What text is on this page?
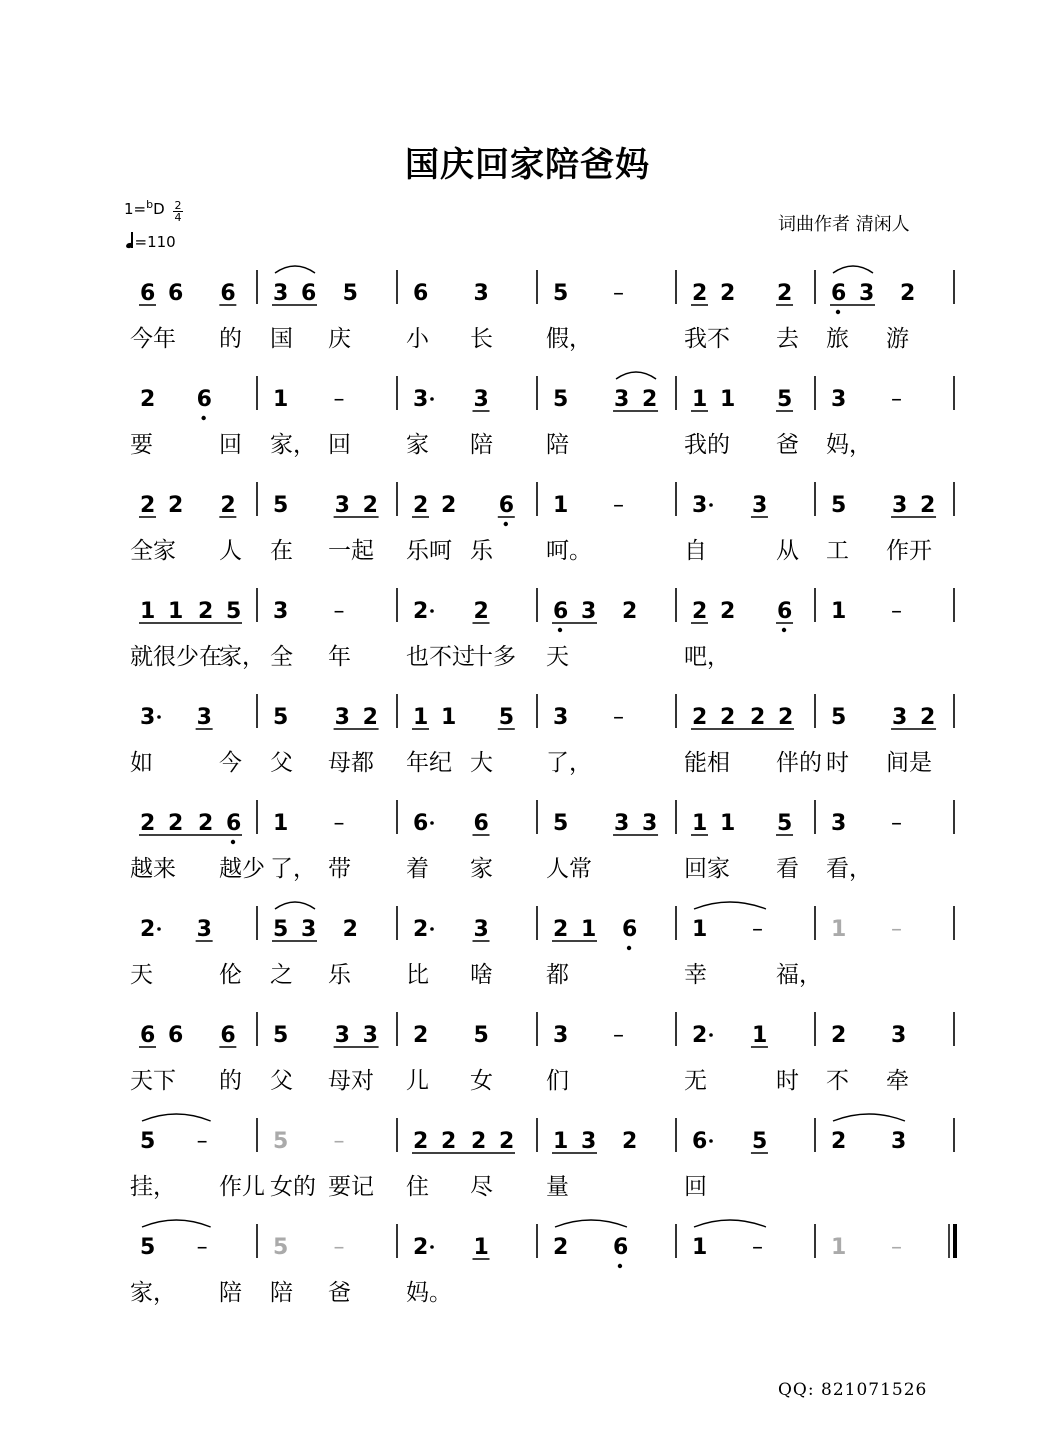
国庆回家陪爸妈
1=$^b$D 2
4
=110
词曲作者 清闲人
6 6 6 3 6 5	6 3	5 –	2 2 2 6 3 2
今年 的 国 庆 小 长 假，	我不 去 旅 游
2 6	1 –	3 3	5 3 2 1 1 5 3 –
要	回 家， 回 家 陪 陪	我的 爸 妈，
2 2 2 5 3 2 2 2 6 1 –	3 3	5 3 2
全家 人 在 一起 乐呵 乐 呵。	自	从 工 作开
1 1 2 5 3 –	2 2	6 3 2 2 2 6 1 –
就很少在
家， 全 年 也不过
十多 天	吧，
3 3	5 3 2 1 1 5 3 –	2 2 2 2 5 3 2
如	今 父 母都 年纪 大 了，	能相 伴的 时 间是
2 2 2 6 1 –	6 6	5 3 3 1 1 5 3 –
越来 越少 了， 带 着 家 人常	回家 看 看，
2 3	5 3 2	2 3	2 1 6 1 –	1 –
天	伦 之 乐 比 啥 都	幸	福，
6 6 6 5 3 3 2 5	3 –	2 1	2 3
天下 的 父 母对 儿 女 们	无	时 不 牵
5 –	5 –	2 2 2 2 1 3 2 6 5	2 3
挂， 作儿 女的 要记 住 尽 量	回
5 –	5 –	2 1	2 6	1 –	1 –
家， 陪 陪 爸 妈。
QQ: 821071526
